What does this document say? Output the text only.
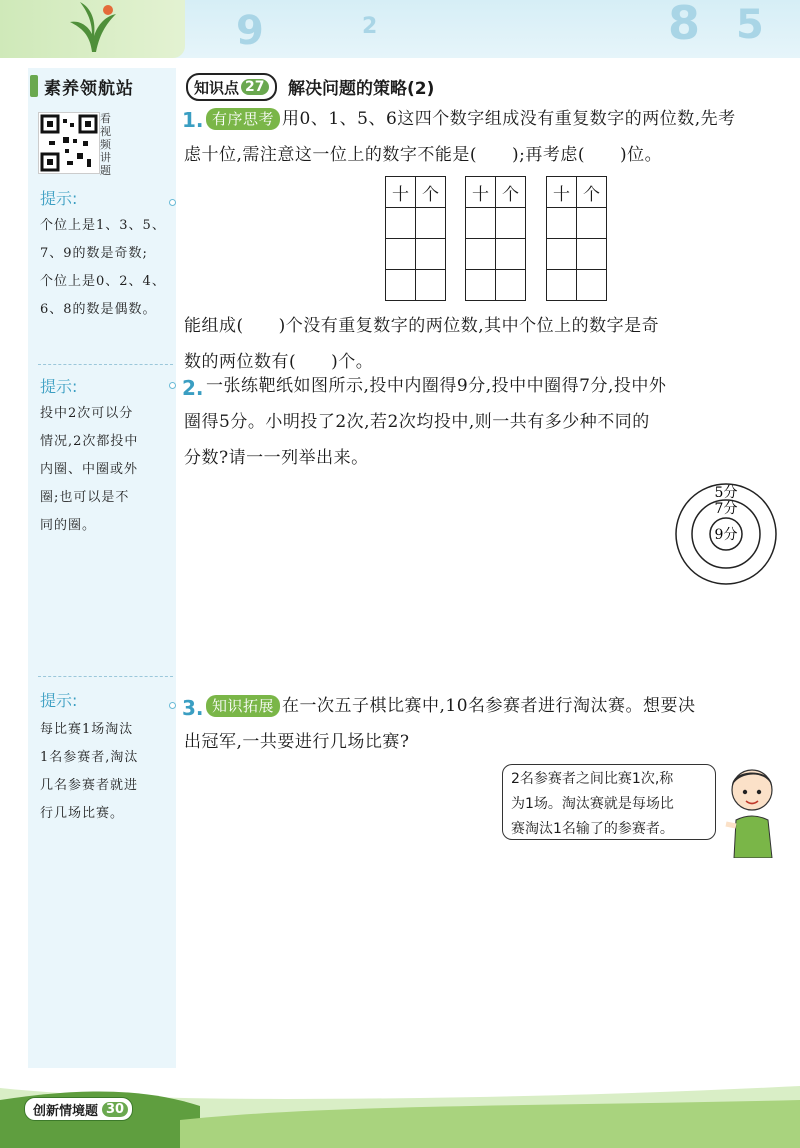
9	2	8 5
素养领航站
看视频讲题
提示:
个位上是1、3、5、
7、9的数是奇数;
个位上是0、2、4、
6、8的数是偶数。
提示:
投中2次可以分
情况,2次都投中
内圈、中圈或外
圈;也可以是不
同的圈。
提示:
每比赛1场淘汰
1名参赛者,淘汰
几名参赛者就进
行几场比赛。
知识点 27 解决问题的策略(2)
1. 有序思考 用0、1、5、6这四个数字组成没有重复数字的两位数,先考
虑十位,需注意这一位上的数字不能是(　　);再考虑(　　)位。
十	个

	十	个

	十	个

能组成(　　)个没有重复数字的两位数,其中个位上的数字是奇
数的两位数有(　　)个。
2. 一张练靶纸如图所示,投中内圈得9分,投中中圈得7分,投中外
圈得5分。小明投了2次,若2次均投中,则一共有多少种不同的
分数?请一一列举出来。
5分
7分
9分
3. 知识拓展 在一次五子棋比赛中,10名参赛者进行淘汰赛。想要决
出冠军,一共要进行几场比赛?
2名参赛者之间比赛1次,称
为1场。淘汰赛就是每场比
赛淘汰1名输了的参赛者。
创新情境题 30
